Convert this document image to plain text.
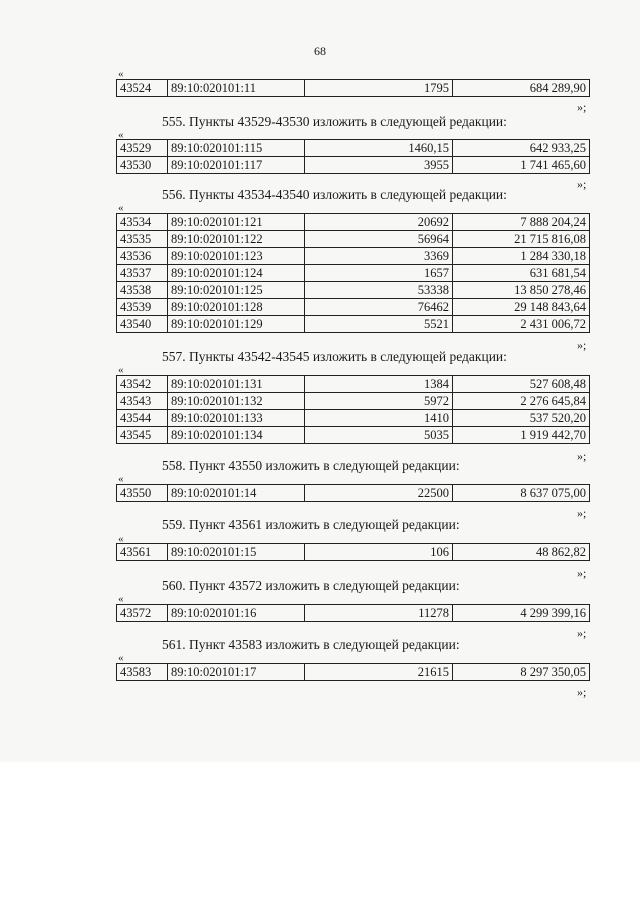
68
«
43524	89:10:020101:11	1795	684 289,90
»;
555. Пункты 43529-43530 изложить в следующей редакции:
«
43529	89:10:020101:115	1460,15	642 933,25
43530	89:10:020101:117	3955	1 741 465,60
»;
556. Пункты 43534-43540 изложить в следующей редакции:
«
43534	89:10:020101:121	20692	7 888 204,24
43535	89:10:020101:122	56964	21 715 816,08
43536	89:10:020101:123	3369	1 284 330,18
43537	89:10:020101:124	1657	631 681,54
43538	89:10:020101:125	53338	13 850 278,46
43539	89:10:020101:128	76462	29 148 843,64
43540	89:10:020101:129	5521	2 431 006,72
»;
557. Пункты 43542-43545 изложить в следующей редакции:
«
43542	89:10:020101:131	1384	527 608,48
43543	89:10:020101:132	5972	2 276 645,84
43544	89:10:020101:133	1410	537 520,20
43545	89:10:020101:134	5035	1 919 442,70
»;
558. Пункт 43550 изложить в следующей редакции:
«
43550	89:10:020101:14	22500	8 637 075,00
»;
559. Пункт 43561 изложить в следующей редакции:
«
43561	89:10:020101:15	106	48 862,82
»;
560. Пункт 43572 изложить в следующей редакции:
«
43572	89:10:020101:16	11278	4 299 399,16
»;
561. Пункт 43583 изложить в следующей редакции:
«
43583	89:10:020101:17	21615	8 297 350,05
»;
